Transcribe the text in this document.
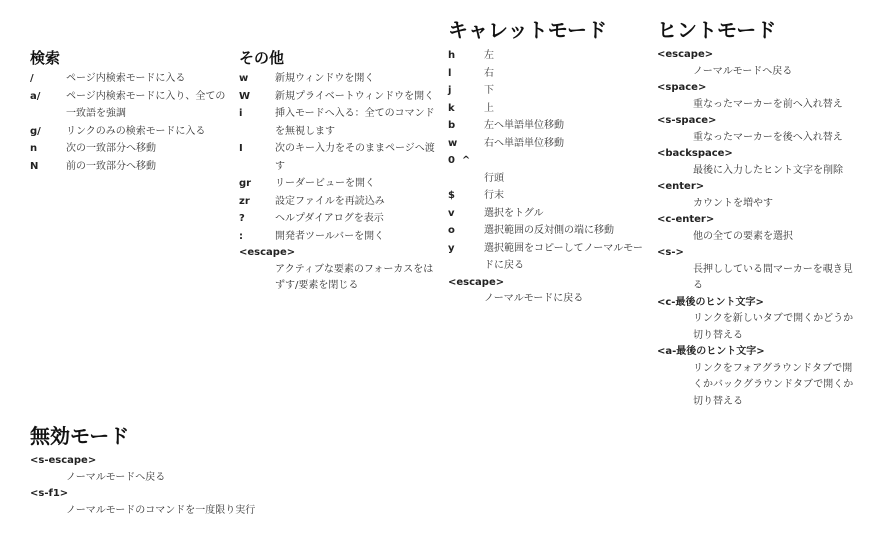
検索
/	ページ内検索モードに入る
a/	ページ内検索モードに入り、全ての一致語を強調
g/	リンクのみの検索モードに入る
n	次の一致部分へ移動
N	前の一致部分へ移動
その他
w	新規ウィンドウを開く
W	新規プライベートウィンドウを開く
i	挿入モードへ入る：全てのコマンドを無視します
I	次のキー入力をそのままページへ渡す
gr	リーダービューを開く
zr	設定ファイルを再読込み
?	ヘルプダイアログを表示
:	開発者ツールバーを開く
<escape>
アクティブな要素のフォーカスをはずす/要素を閉じる
キャレットモード
h	左
l	右
j	下
k	上
b	左へ単語単位移動
w	右へ単語単位移動
0  ^
行頭
$	行末
v	選択をトグル
o	選択範囲の反対側の端に移動
y	選択範囲をコピーしてノーマルモードに戻る
<escape>
ノーマルモードに戻る
ヒントモード
<escape>
ノーマルモードへ戻る
<space>
重なったマーカーを前へ入れ替え
<s-space>
重なったマーカーを後へ入れ替え
<backspace>
最後に入力したヒント文字を削除
<enter>
カウントを増やす
<c-enter>
他の全ての要素を選択
<s->
長押ししている間マーカーを覗き見る
<c-最後のヒント文字>
リンクを新しいタブで開くかどうか切り替える
<a-最後のヒント文字>
リンクをフォアグラウンドタブで開くかバックグラウンドタブで開くか切り替える
無効モード
<s-escape>
ノーマルモードへ戻る
<s-f1>
ノーマルモードのコマンドを一度限り実行
